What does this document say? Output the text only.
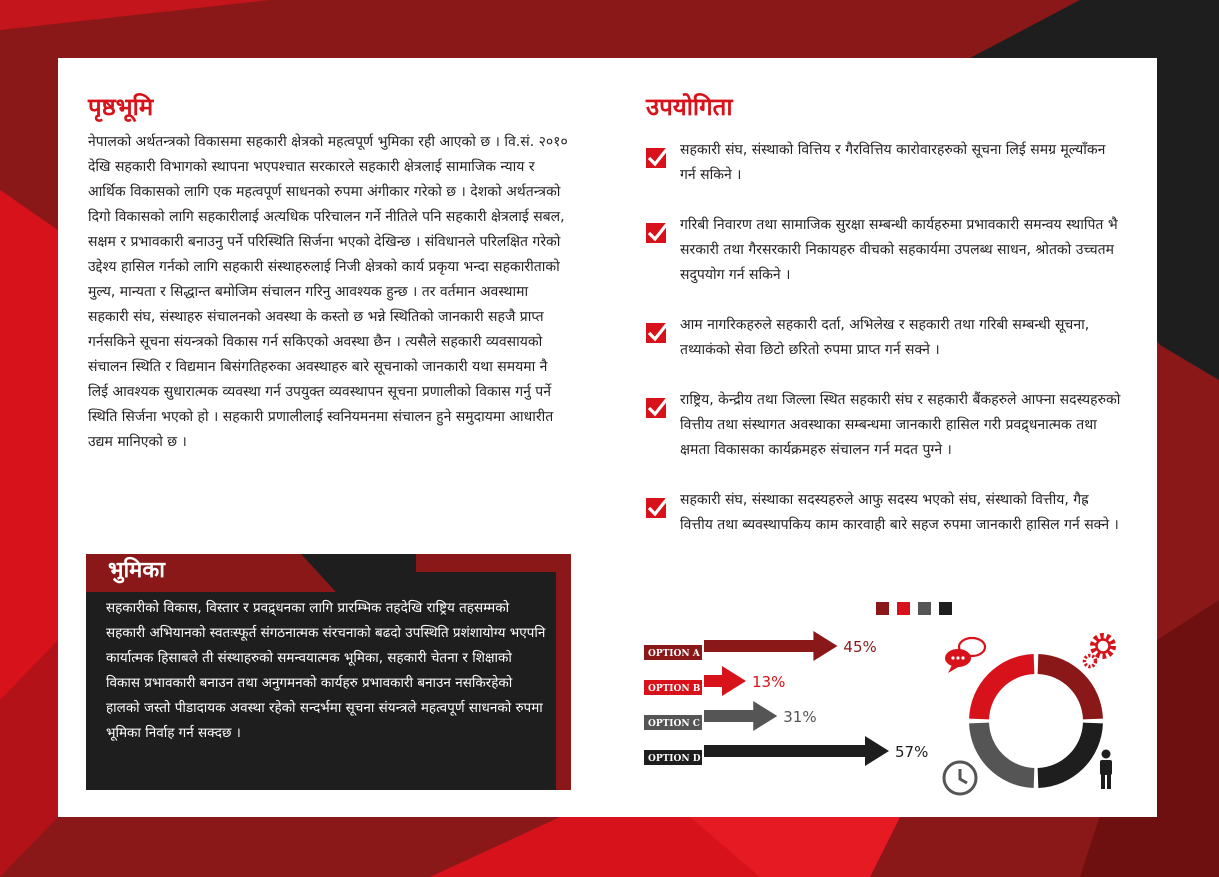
पृष्ठभूमि

नेपालको अर्थतन्त्रको विकासमा सहकारी क्षेत्रको महत्वपूर्ण भुमिका रही आएको छ । वि.सं. २०१० देखि सहकारी विभागको स्थापना भएपश्चात सरकारले सहकारी क्षेत्रलाई सामाजिक न्याय र आर्थिक विकासको लागि एक महत्वपूर्ण साधनको रुपमा अंगीकार गरेको छ । देशको अर्थतन्त्रको दिगो विकासको लागि सहकारीलाई अत्यधिक परिचालन गर्ने नीतिले पनि सहकारी क्षेत्रलाई सबल, सक्षम र प्रभावकारी बनाउनु पर्ने परिस्थिति सिर्जना भएको देखिन्छ । संविधानले परिलक्षित गरेको उद्देश्य हासिल गर्नको लागि सहकारी संस्थाहरुलाई निजी क्षेत्रको कार्य प्रकृया भन्दा सहकारीताको मुल्य, मान्यता र सिद्धान्त बमोजिम संचालन गरिनु आवश्यक हुन्छ । तर वर्तमान अवस्थामा सहकारी संघ, संस्थाहरु संचालनको अवस्था के कस्तो छ भन्ने स्थितिको जानकारी सहजै प्राप्त गर्नसकिने सूचना संयन्त्रको विकास गर्न सकिएको अवस्था छैन । त्यसैले सहकारी व्यवसायको संचालन स्थिति र विद्यमान बिसंगतिहरुका अवस्थाहरु बारे सूचनाको जानकारी यथा समयमा नै लिई आवश्यक सुधारात्मक व्यवस्था गर्न उपयुक्त व्यवस्थापन सूचना प्रणालीको विकास गर्नु पर्ने स्थिति सिर्जना भएको हो । सहकारी प्रणालीलाई स्वनियमनमा संचालन हुने समुदायमा आधारीत उद्यम मानिएको छ ।

भुमिका

सहकारीको विकास, विस्तार र प्रवद्र्धनका लागि प्रारम्भिक तहदेखि राष्ट्रिय तहसम्मको सहकारी अभियानको स्वतःस्फूर्त संगठनात्मक संरचनाको बढदो उपस्थिति प्रशंशायोग्य भएपनि कार्यात्मक हिसाबले ती संस्थाहरुको समन्वयात्मक भूमिका, सहकारी चेतना र शिक्षाको विकास प्रभावकारी बनाउन तथा अनुगमनको कार्यहरु प्रभावकारी बनाउन नसकिरहेको हालको जस्तो पीडादायक अवस्था रहेको सन्दर्भमा सूचना संयन्त्रले महत्वपूर्ण साधनको रुपमा भूमिका निर्वाह गर्न सक्दछ ।

उपयोगिता
सहकारी संघ, संस्थाको वित्तिय र गैरवित्तिय कारोवारहरुको सूचना लिई समग्र मूल्याँकन गर्न सकिने ।
गरिबी निवारण तथा सामाजिक सुरक्षा सम्बन्धी कार्यहरुमा प्रभावकारी समन्वय स्थापित भै सरकारी तथा गैरसरकारी निकायहरु वीचको सहकार्यमा उपलब्ध साधन, श्रोतको उच्चतम सदुपयोग गर्न सकिने ।
आम नागरिकहरुले सहकारी दर्ता, अभिलेख र सहकारी तथा गरिबी सम्बन्धी सूचना, तथ्याकंको सेवा छिटो छरितो रुपमा प्राप्त गर्न सक्ने ।
राष्ट्रिय, केन्द्रीय तथा जिल्ला स्थित सहकारी संघ र सहकारी बैंकहरुले आफ्ना सदस्यहरुको वित्तीय तथा संस्थागत अवस्थाका सम्बन्धमा जानकारी हासिल गरी प्रवद्र्धनात्मक तथा क्षमता विकासका कार्यक्रमहरु संचालन गर्न मदत पुग्ने ।
सहकारी संघ, संस्थाका सदस्यहरुले आफु सदस्य भएको संघ, संस्थाको वित्तीय, गैह्र वित्तीय तथा ब्यवस्थापकिय काम कारवाही बारे सहज रुपमा जानकारी हासिल गर्न सक्ने ।
OPTION A	45%
OPTION B	13%
OPTION C	31%
OPTION D	57%
